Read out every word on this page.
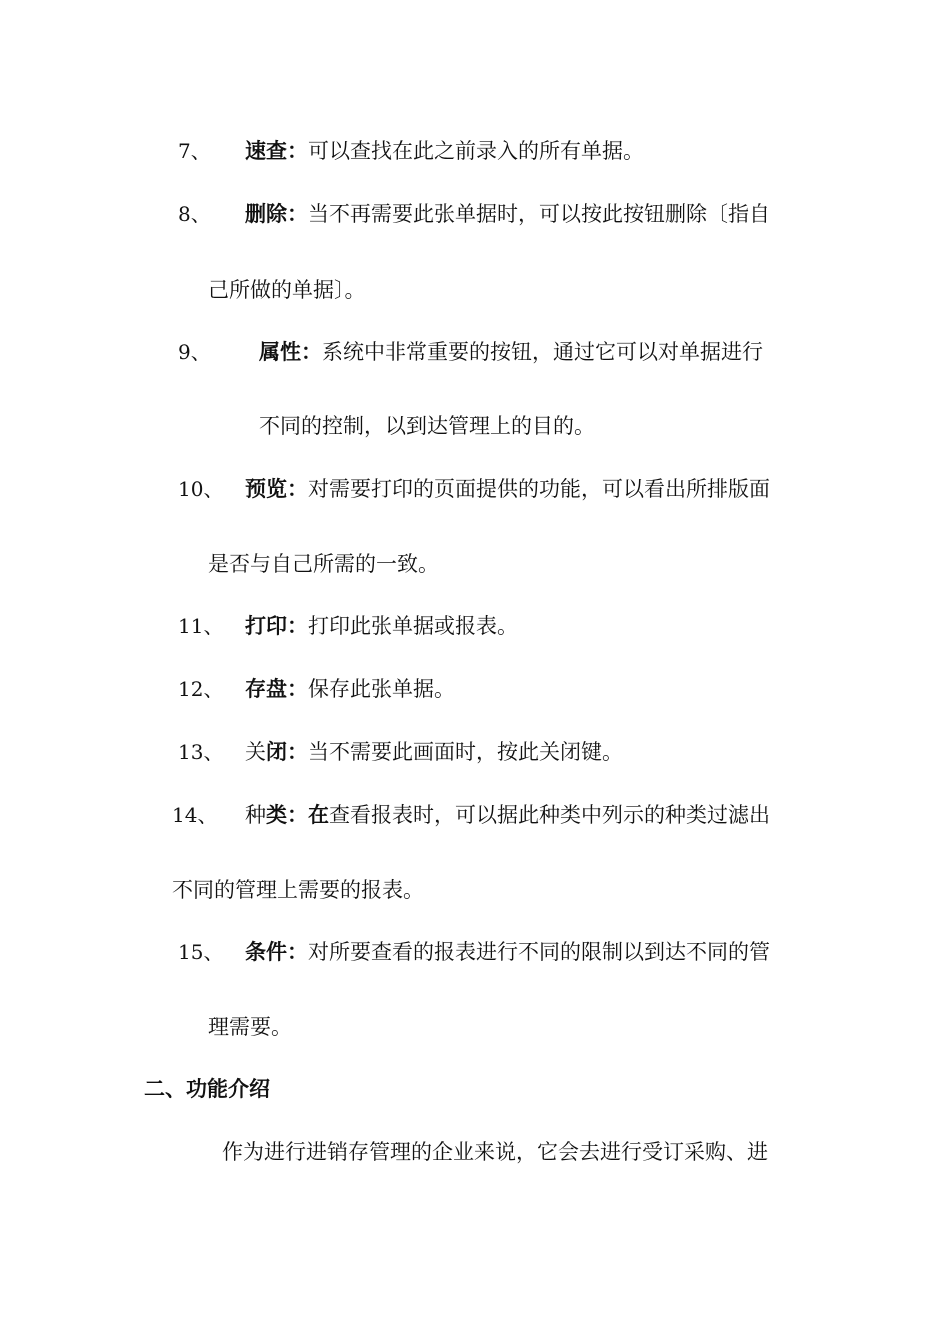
7、 速查：可以查找在此之前录入的所有单据。
8、 删除：当不再需要此张单据时，可以按此按钮删除〔指自
己所做的单据〕。
9、 属性：系统中非常重要的按钮，通过它可以对单据进行
不同的控制，以到达管理上的目的。
10、 预览：对需要打印的页面提供的功能，可以看出所排版面
是否与自己所需的一致。
11、 打印：打印此张单据或报表。
12、 存盘：保存此张单据。
13、 关闭：当不需要此画面时，按此关闭键。
14、 种类：在查看报表时，可以据此种类中列示的种类过滤出
不同的管理上需要的报表。
15、 条件：对所要查看的报表进行不同的限制以到达不同的管
理需要。
二、功能介绍
作为进行进销存管理的企业来说，它会去进行受订采购、进
